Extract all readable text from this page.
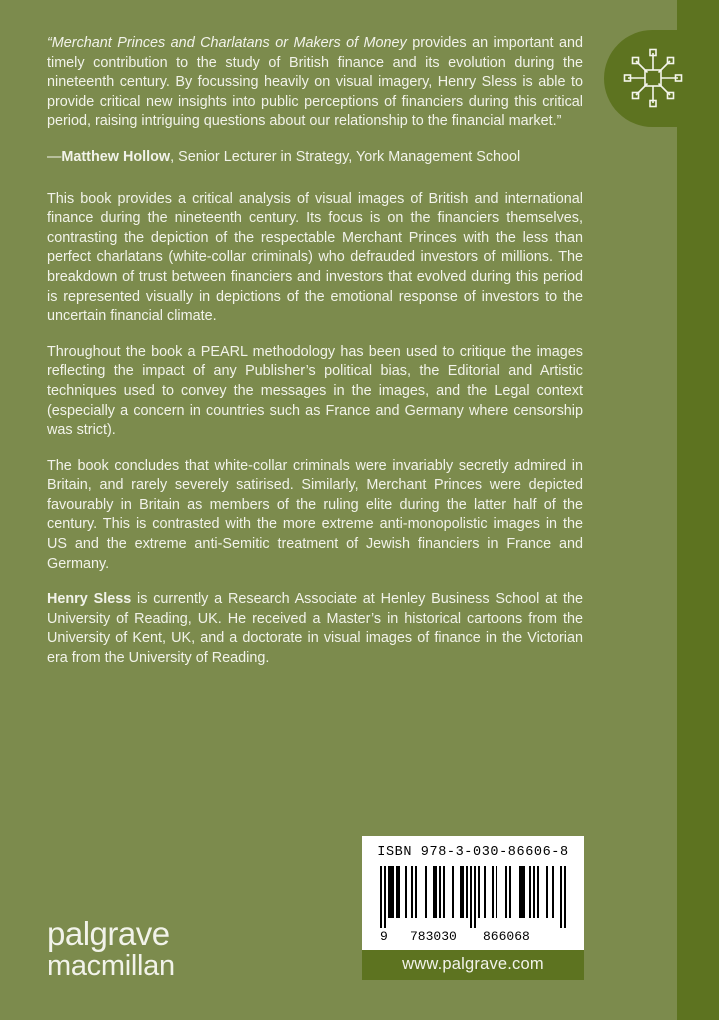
“Merchant Princes and Charlatans or Makers of Money provides an important and timely contribution to the study of British finance and its evolution during the nineteenth century. By focussing heavily on visual imagery, Henry Sless is able to provide critical new insights into public perceptions of financiers during this critical period, raising intriguing questions about our relationship to the financial market.”

—Matthew Hollow, Senior Lecturer in Strategy, York Management School

This book provides a critical analysis of visual images of British and international finance during the nineteenth century. Its focus is on the financiers themselves, contrasting the depiction of the respectable Merchant Princes with the less than perfect charlatans (white-collar criminals) who defrauded investors of millions. The breakdown of trust between financiers and investors that evolved during this period is represented visually in depictions of the emotional response of investors to the uncertain financial climate.

Throughout the book a PEARL methodology has been used to critique the images reflecting the impact of any Publisher’s political bias, the Editorial and Artistic techniques used to convey the messages in the images, and the Legal context (especially a concern in countries such as France and Germany where censorship was strict).

The book concludes that white-collar criminals were invariably secretly admired in Britain, and rarely severely satirised. Similarly, Merchant Princes were depicted favourably in Britain as members of the ruling elite during the latter half of the century. This is contrasted with the more extreme anti-monopolistic images in the US and the extreme anti-Semitic treatment of Jewish financiers in France and Germany.

Henry Sless is currently a Research Associate at Henley Business School at the University of Reading, UK. He received a Master’s in historical cartoons from the University of Kent, UK, and a doctorate in visual images of finance in the Victorian era from the University of Reading.

palgrave
macmillan
ISBN 978-3-030-86606-8
9 783030 866068
www.palgrave.com
